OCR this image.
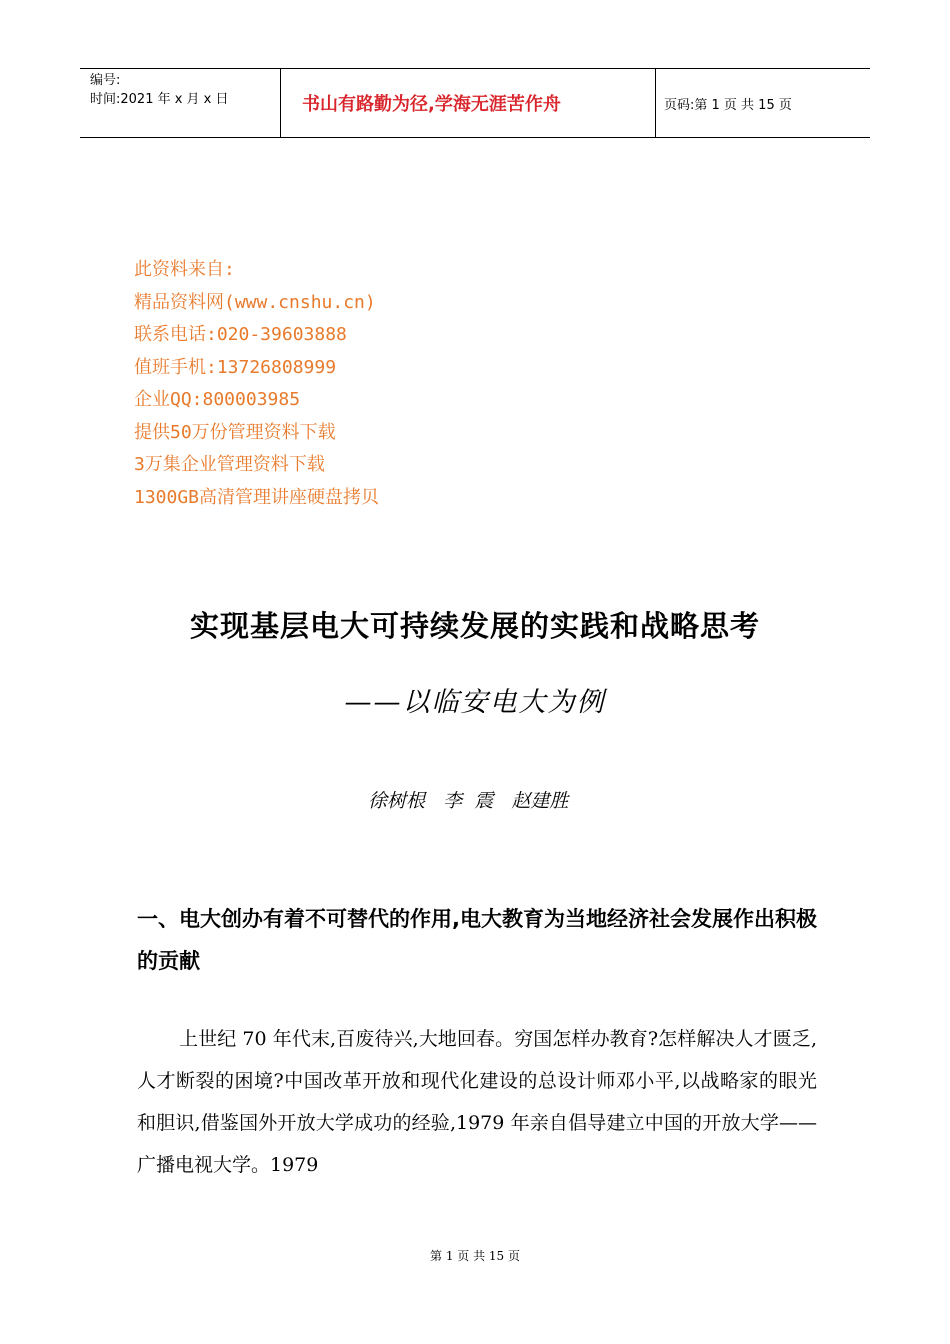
编号:
时间:2021 年 x 月 x 日	书山有路勤为径,学海无涯苦作舟	页码:第 1 页 共 15 页
此资料来自:
精品资料网(www.cnshu.cn)
联系电话:020-39603888
值班手机:13726808999
企业QQ:800003985
提供50万份管理资料下载
3万集企业管理资料下载
1300GB高清管理讲座硬盘拷贝
实现基层电大可持续发展的实践和战略思考
——以临安电大为例
徐树根   李  震   赵建胜
一、电大创办有着不可替代的作用,电大教育为当地经济社会发展作出积极的贡献
上世纪 70 年代末,百废待兴,大地回春。穷国怎样办教育?怎样解决人才匮乏,人才断裂的困境?中国改革开放和现代化建设的总设计师邓小平,以战略家的眼光和胆识,借鉴国外开放大学成功的经验,1979 年亲自倡导建立中国的开放大学——广播电视大学。1979
第 1 页 共 15 页
